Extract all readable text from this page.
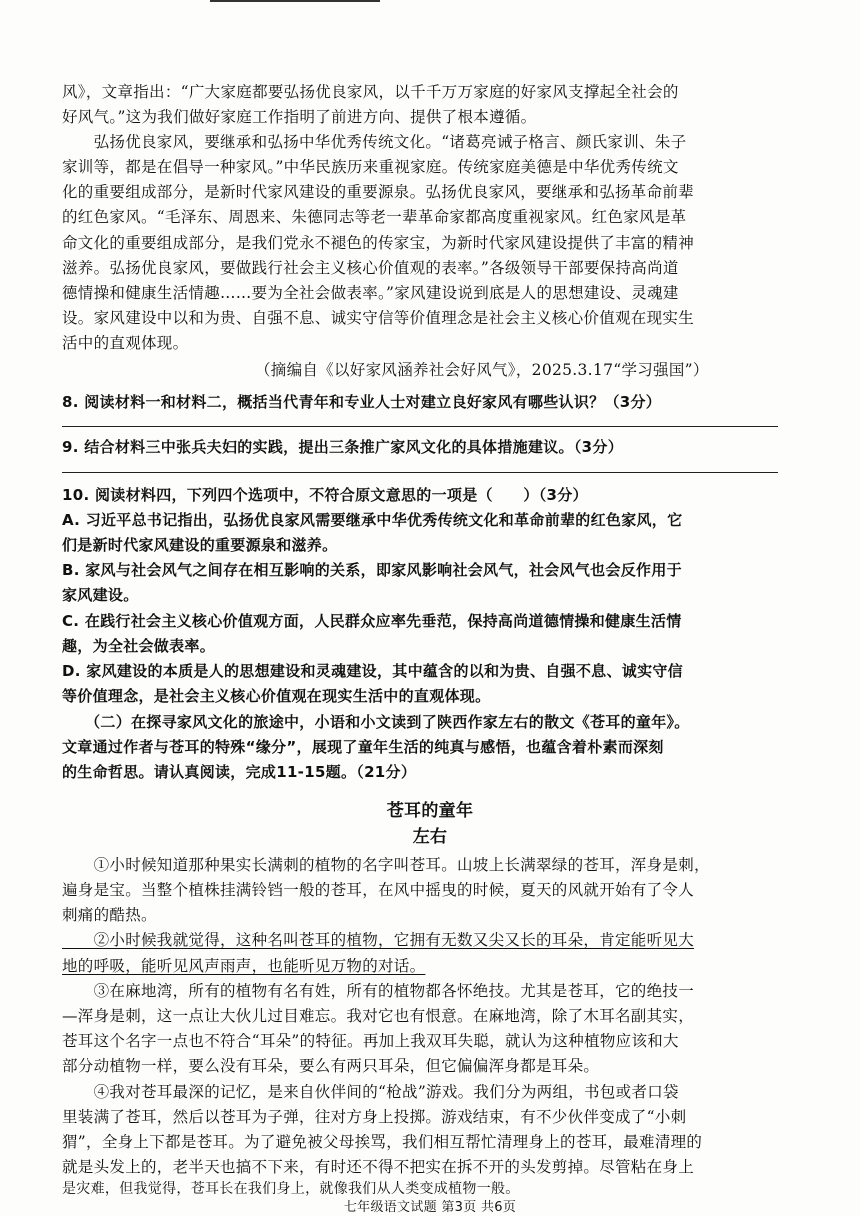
风》，文章指出：“广大家庭都要弘扬优良家风，以千千万万家庭的好家风支撑起全社会的
好风气。”这为我们做好家庭工作指明了前进方向、提供了根本遵循。
　　弘扬优良家风，要继承和弘扬中华优秀传统文化。“诸葛亮诫子格言、颜氏家训、朱子
家训等，都是在倡导一种家风。”中华民族历来重视家庭。传统家庭美德是中华优秀传统文
化的重要组成部分，是新时代家风建设的重要源泉。弘扬优良家风，要继承和弘扬革命前辈
的红色家风。“毛泽东、周恩来、朱德同志等老一辈革命家都高度重视家风。红色家风是革
命文化的重要组成部分，是我们党永不褪色的传家宝，为新时代家风建设提供了丰富的精神
滋养。弘扬优良家风，要做践行社会主义核心价值观的表率。”各级领导干部要保持高尚道
德情操和健康生活情趣……要为全社会做表率。”家风建设说到底是人的思想建设、灵魂建
设。家风建设中以和为贵、自强不息、诚实守信等价值理念是社会主义核心价值观在现实生
活中的直观体现。
（摘编自《以好家风涵养社会好风气》，2025.3.17“学习强国”）
8. 阅读材料一和材料二，概括当代青年和专业人士对建立良好家风有哪些认识？（3分）
9. 结合材料三中张兵夫妇的实践，提出三条推广家风文化的具体措施建议。（3分）
10. 阅读材料四，下列四个选项中，不符合原文意思的一项是（　　）（3分）
A. 习近平总书记指出，弘扬优良家风需要继承中华优秀传统文化和革命前辈的红色家风，它
们是新时代家风建设的重要源泉和滋养。
B. 家风与社会风气之间存在相互影响的关系，即家风影响社会风气，社会风气也会反作用于
家风建设。
C. 在践行社会主义核心价值观方面，人民群众应率先垂范，保持高尚道德情操和健康生活情
趣，为全社会做表率。
D. 家风建设的本质是人的思想建设和灵魂建设，其中蕴含的以和为贵、自强不息、诚实守信
等价值理念，是社会主义核心价值观在现实生活中的直观体现。
　　（二）在探寻家风文化的旅途中，小语和小文读到了陕西作家左右的散文《苍耳的童年》。
文章通过作者与苍耳的特殊“缘分”，展现了童年生活的纯真与感悟，也蕴含着朴素而深刻
的生命哲思。请认真阅读，完成11-15题。（21分）
苍耳的童年
左右
　　①小时候知道那种果实长满刺的植物的名字叫苍耳。山坡上长满翠绿的苍耳，浑身是刺，
遍身是宝。当整个植株挂满铃铛一般的苍耳，在风中摇曳的时候，夏天的风就开始有了令人
刺痛的酷热。
　　②小时候我就觉得，这种名叫苍耳的植物，它拥有无数又尖又长的耳朵，肯定能听见大
地的呼吸，能听见风声雨声，也能听见万物的对话。
　　③在麻地湾，所有的植物有名有姓，所有的植物都各怀绝技。尤其是苍耳，它的绝技一
—浑身是刺，这一点让大伙儿过目难忘。我对它也有恨意。在麻地湾，除了木耳名副其实，
苍耳这个名字一点也不符合“耳朵”的特征。再加上我双耳失聪，就认为这种植物应该和大
部分动植物一样，要么没有耳朵，要么有两只耳朵，但它偏偏浑身都是耳朵。
　　④我对苍耳最深的记忆，是来自伙伴间的“枪战”游戏。我们分为两组，书包或者口袋
里装满了苍耳，然后以苍耳为子弹，往对方身上投掷。游戏结束，有不少伙伴变成了“小刺
猬”，全身上下都是苍耳。为了避免被父母挨骂，我们相互帮忙清理身上的苍耳，最难清理的
就是头发上的，老半天也搞不下来，有时还不得不把实在拆不开的头发剪掉。尽管粘在身上
是灾难，但我觉得，苍耳长在我们身上，就像我们从人类变成植物一般。
七年级语文试题 第3页 共6页
